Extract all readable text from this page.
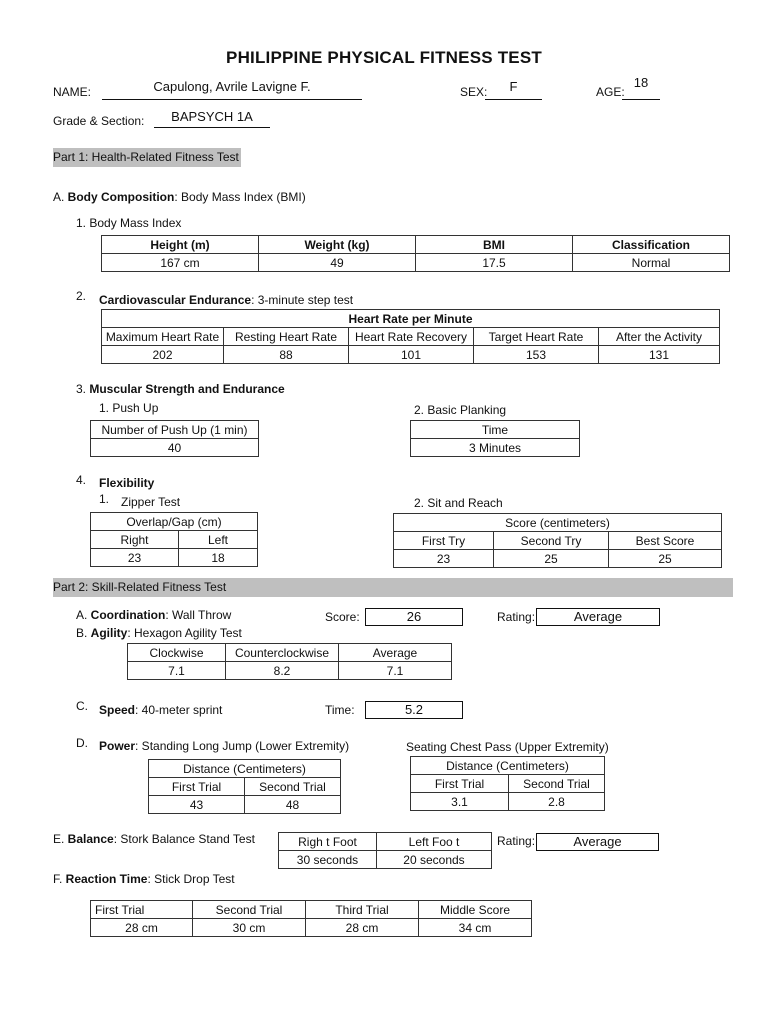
PHILIPPINE PHYSICAL FITNESS TEST
NAME:	Capulong, Avrile Lavigne F.	SEX:	F	AGE:
18
Grade & Section:	BAPSYCH 1A
Part 1: Health-Related Fitness Test
A. Body Composition: Body Mass Index (BMI)
1. Body Mass Index
Height (m)	Weight (kg)	BMI	Classification
167 cm	49	17.5	Normal
2. Cardiovascular Endurance: 3-minute step test
Heart Rate per Minute				
Maximum Heart Rate	Resting Heart Rate	Heart Rate Recovery	Target Heart Rate	After the Activity
202	88	101	153	131
3. Muscular Strength and Endurance
1. Push Up
Number of Push Up (1 min)
40
2. Basic Planking
Time
3 Minutes
4. Flexibility
1. Zipper Test
Overlap/Gap (cm)	
Right	Left
23	18
2. Sit and Reach
Score (centimeters)		
First Try	Second Try	Best Score
23	25	25
Part 2: Skill-Related Fitness Test
A. Coordination: Wall Throw	Score:	26	Rating:	Average
B. Agility: Hexagon Agility Test
Clockwise	Counterclockwise	Average
7.1	8.2	7.1
C. Speed: 40-meter sprint	Time:	5.2
D. Power: Standing Long Jump (Lower Extremity)	Seating Chest Pass (Upper Extremity)
Distance (Centimeters)	
First Trial	Second Trial
43	48
Distance (Centimeters)	
First Trial	Second Trial
3.1	2.8
E. Balance: Stork Balance Stand Test	Righ t Foot	Left Foo t
30 seconds	20 seconds
Rating:	Average
F. Reaction Time: Stick Drop Test
First Trial	Second Trial	Third Trial	Middle Score
28 cm	30 cm	28 cm	34 cm
